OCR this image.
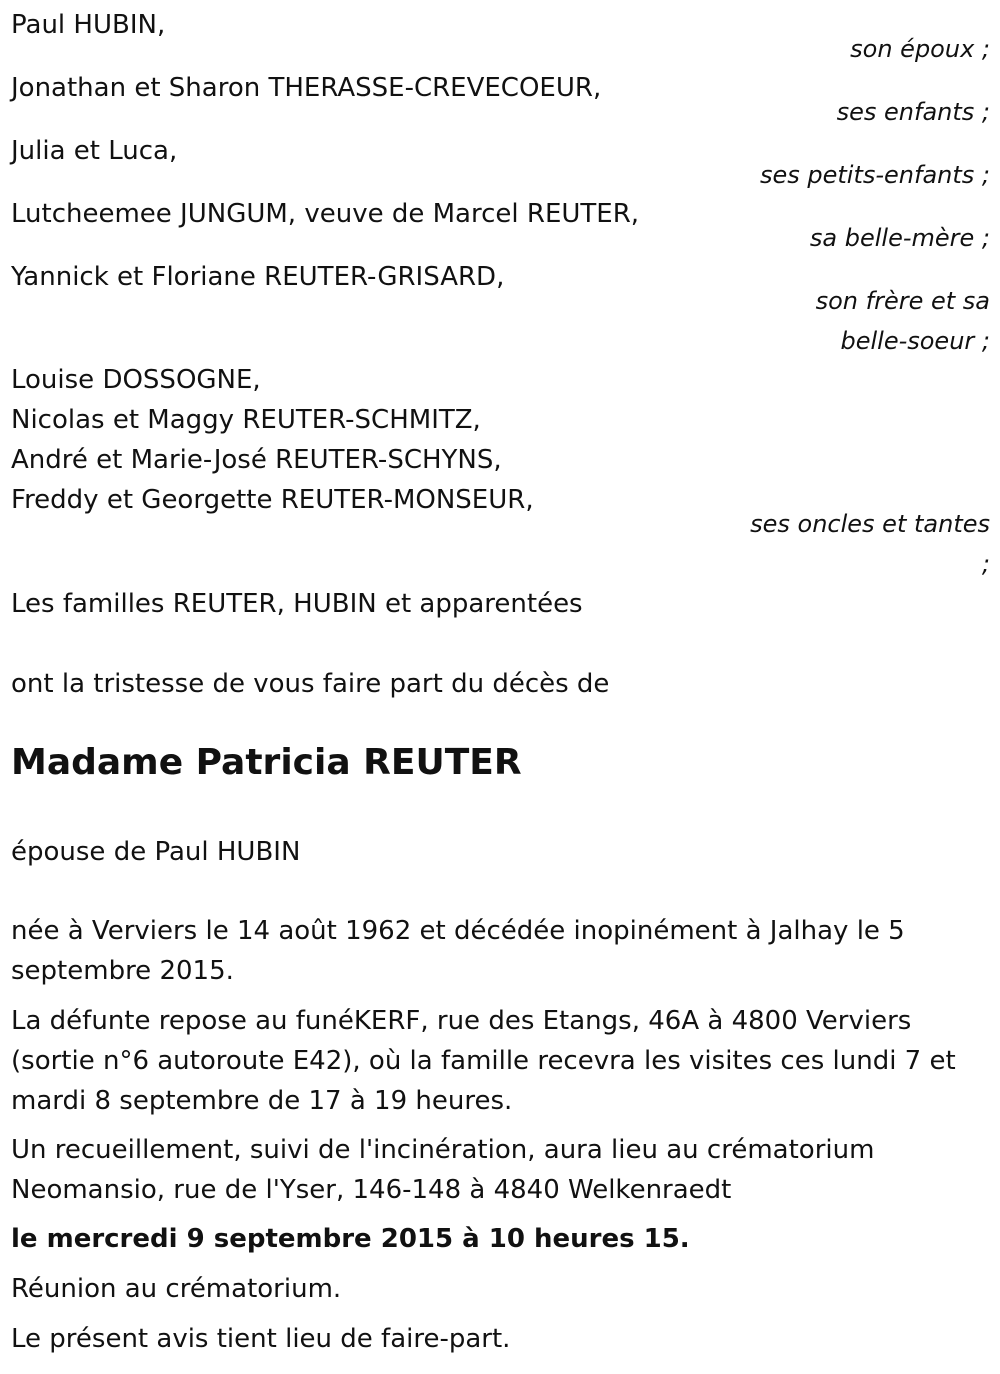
Paul HUBIN,
son époux ;
Jonathan et Sharon THERASSE-CREVECOEUR,
ses enfants ;
Julia et Luca,
ses petits-enfants ;
Lutcheemee JUNGUM, veuve de Marcel REUTER,
sa belle-mère ;
Yannick et Floriane REUTER-GRISARD,
son frère et sa
belle-soeur ;
Louise DOSSOGNE,
Nicolas et Maggy REUTER-SCHMITZ,
André et Marie-José REUTER-SCHYNS,
Freddy et Georgette REUTER-MONSEUR,
ses oncles et tantes
;
Les familles REUTER, HUBIN et apparentées
ont la tristesse de vous faire part du décès de
Madame Patricia REUTER
épouse de Paul HUBIN
née à Verviers le 14 août 1962 et décédée inopinément à Jalhay le 5 septembre 2015.
La défunte repose au funéKERF, rue des Etangs, 46A à 4800 Verviers (sortie n°6 autoroute E42), où la famille recevra les visites ces lundi 7 et mardi 8 septembre de 17 à 19 heures.
Un recueillement, suivi de l'incinération, aura lieu au crématorium Neomansio, rue de l'Yser, 146-148 à 4840 Welkenraedt
le mercredi 9 septembre 2015 à 10 heures 15.
Réunion au crématorium.
Le présent avis tient lieu de faire-part.
